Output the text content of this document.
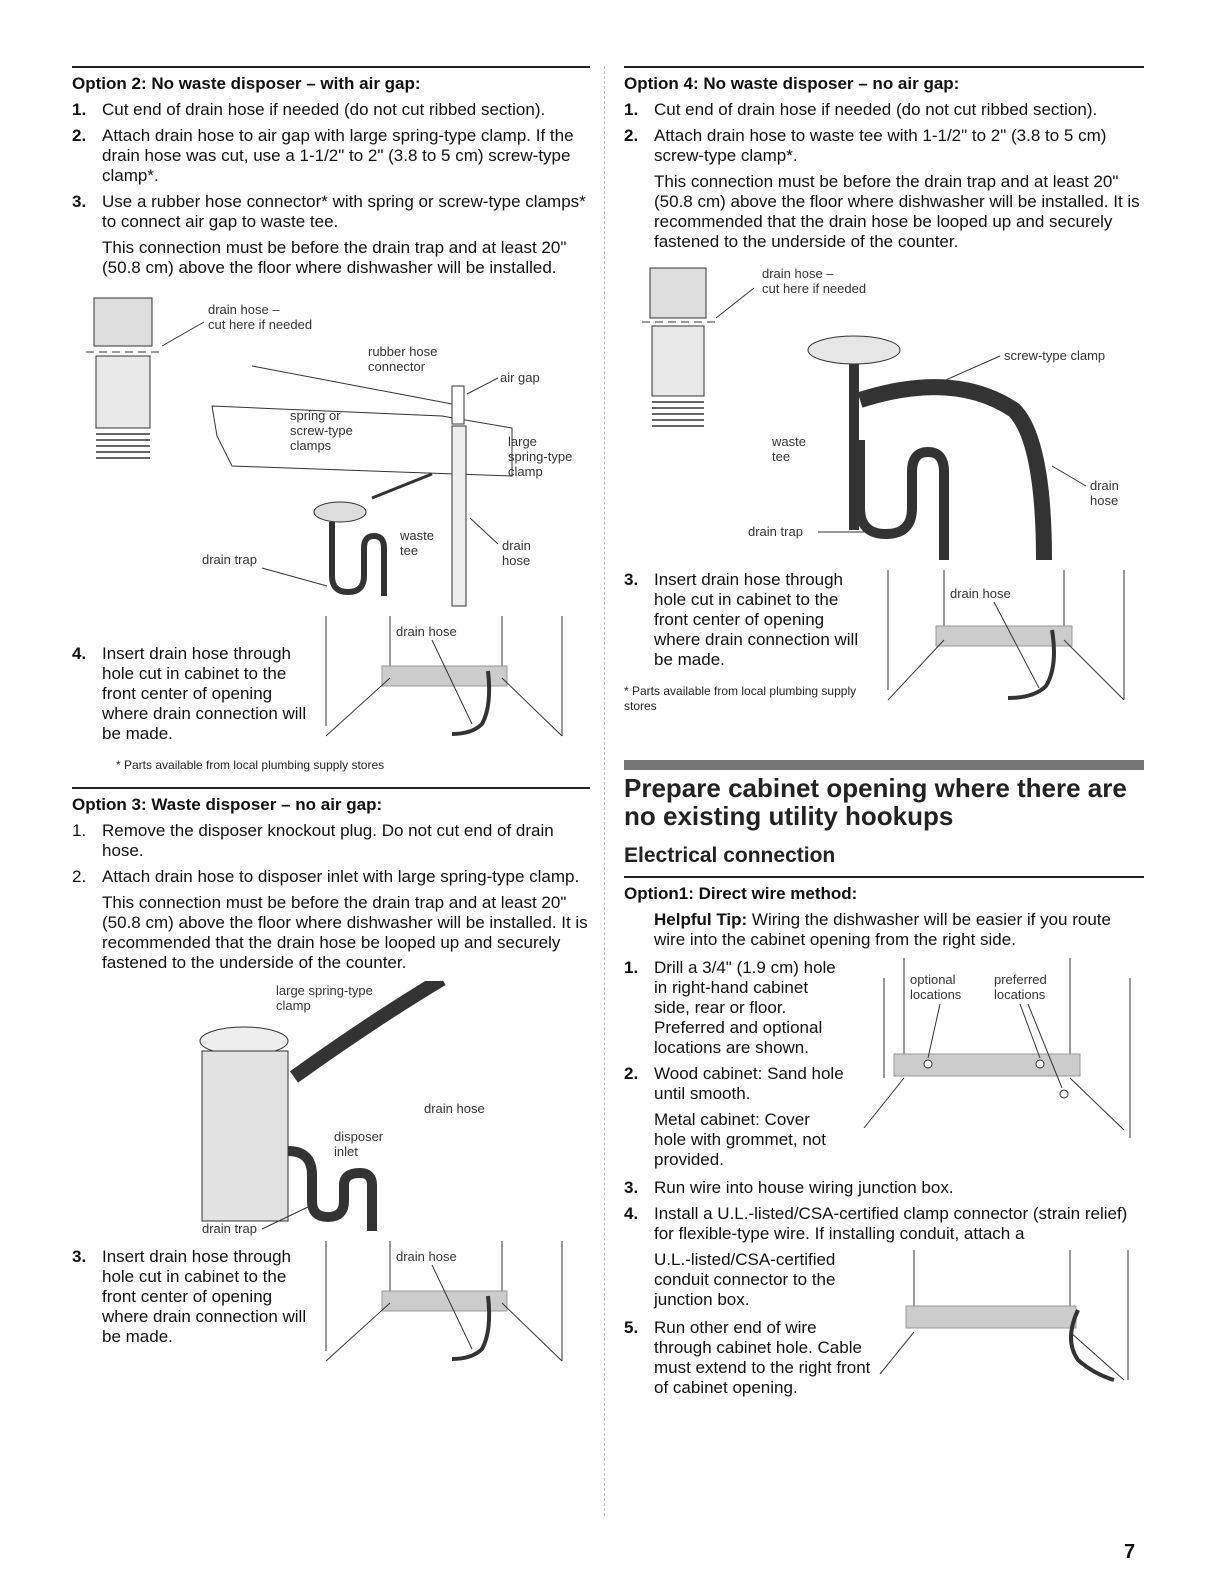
Option 2: No waste disposer – with air gap:
1. Cut end of drain hose if needed (do not cut ribbed section).
2. Attach drain hose to air gap with large spring-type clamp. If the drain hose was cut, use a 1-1/2" to 2" (3.8 to 5 cm) screw-type clamp*.
3. Use a rubber hose connector* with spring or screw-type clamps* to connect air gap to waste tee.
This connection must be before the drain trap and at least 20" (50.8 cm) above the floor where dishwasher will be installed.
drain hose –
cut here if needed
rubber hose
connector
air gap
spring or
screw-type
clamps	large
spring-type
clamp
waste
tee
drain trap
drain
hose
4. Insert drain hose through hole cut in cabinet to the front center of opening where drain connection will be made.
drain hose
* Parts available from local plumbing supply stores
Option 3: Waste disposer – no air gap:
1. Remove the disposer knockout plug. Do not cut end of drain hose.
2. Attach drain hose to disposer inlet with large spring-type clamp.
This connection must be before the drain trap and at least 20" (50.8 cm) above the floor where dishwasher will be installed. It is recommended that the drain hose be looped up and securely fastened to the underside of the counter.
large spring-type
clamp
drain hose
disposer
inlet
drain trap
3. Insert drain hose through hole cut in cabinet to the front center of opening where drain connection will be made.
drain hose
Option 4: No waste disposer – no air gap:
1. Cut end of drain hose if needed (do not cut ribbed section).
2. Attach drain hose to waste tee with 1-1/2" to 2" (3.8 to 5 cm) screw-type clamp*.
This connection must be before the drain trap and at least 20" (50.8 cm) above the floor where dishwasher will be installed. It is recommended that the drain hose be looped up and securely fastened to the underside of the counter.
drain hose –
cut here if needed
screw-type clamp
waste
tee
drain
hose
drain trap
3. Insert drain hose through hole cut in cabinet to the front center of opening where drain connection will be made.
* Parts available from local plumbing supply stores
drain hose
Prepare cabinet opening where there are no existing utility hookups
Electrical connection
Option1: Direct wire method:
Helpful Tip: Wiring the dishwasher will be easier if you route wire into the cabinet opening from the right side.
1. Drill a 3/4" (1.9 cm) hole in right-hand cabinet side, rear or floor. Preferred and optional locations are shown.
2. Wood cabinet: Sand hole until smooth.
Metal cabinet: Cover hole with grommet, not provided.
optional
locations
preferred
locations
3. Run wire into house wiring junction box.
4. Install a U.L.-listed/CSA-certified clamp connector (strain relief) for flexible-type wire. If installing conduit, attach a
U.L.-listed/CSA-certified conduit connector to the junction box.
5. Run other end of wire through cabinet hole. Cable must extend to the right front of cabinet opening.
7
